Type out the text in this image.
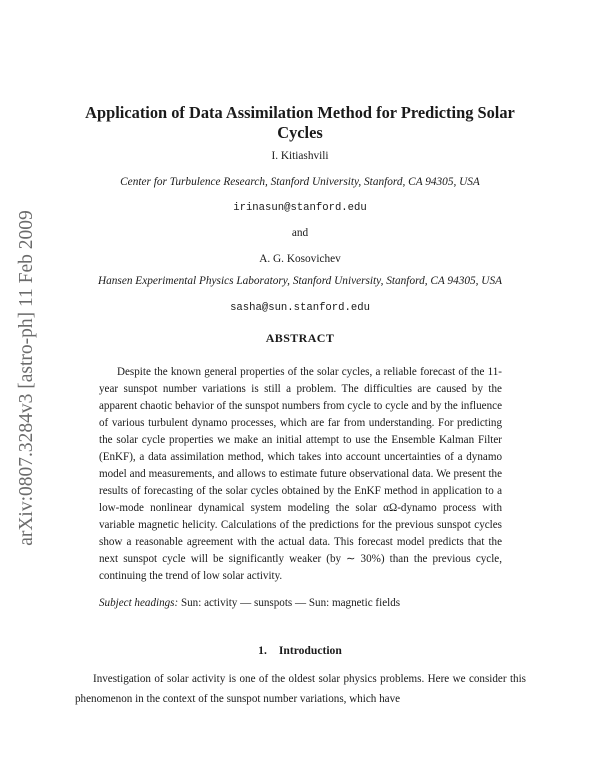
arXiv:0807.3284v3 [astro-ph] 11 Feb 2009
Application of Data Assimilation Method for Predicting Solar Cycles
I. Kitiashvili
Center for Turbulence Research, Stanford University, Stanford, CA 94305, USA
irinasun@stanford.edu
and
A. G. Kosovichev
Hansen Experimental Physics Laboratory, Stanford University, Stanford, CA 94305, USA
sasha@sun.stanford.edu
ABSTRACT
Despite the known general properties of the solar cycles, a reliable forecast of the 11-year sunspot number variations is still a problem. The difficulties are caused by the apparent chaotic behavior of the sunspot numbers from cycle to cycle and by the influence of various turbulent dynamo processes, which are far from understanding. For predicting the solar cycle properties we make an initial attempt to use the Ensemble Kalman Filter (EnKF), a data assimilation method, which takes into account uncertainties of a dynamo model and measurements, and allows to estimate future observational data. We present the results of forecasting of the solar cycles obtained by the EnKF method in application to a low-mode nonlinear dynamical system modeling the solar αΩ-dynamo process with variable magnetic helicity. Calculations of the predictions for the previous sunspot cycles show a reasonable agreement with the actual data. This forecast model predicts that the next sunspot cycle will be significantly weaker (by ∼ 30%) than the previous cycle, continuing the trend of low solar activity.
Subject headings: Sun: activity — sunspots — Sun: magnetic fields
1. Introduction
Investigation of solar activity is one of the oldest solar physics problems. Here we consider this phenomenon in the context of the sunspot number variations, which have
